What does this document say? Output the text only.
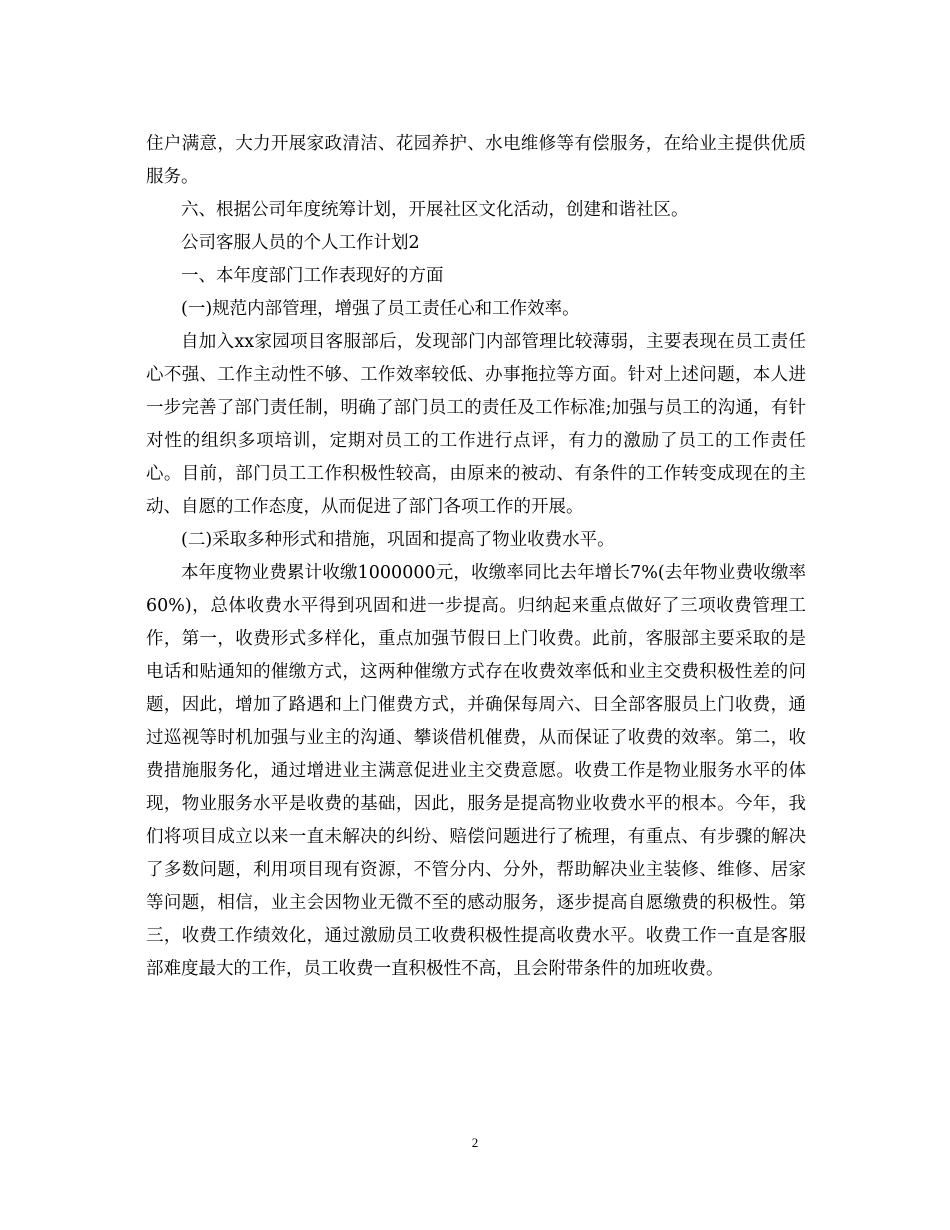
住户满意，大力开展家政清洁、花园养护、水电维修等有偿服务，在给业主提供优质服务。

六、根据公司年度统筹计划，开展社区文化活动，创建和谐社区。

公司客服人员的个人工作计划2

一、本年度部门工作表现好的方面

(一)规范内部管理，增强了员工责任心和工作效率。

自加入xx家园项目客服部后，发现部门内部管理比较薄弱，主要表现在员工责任心不强、工作主动性不够、工作效率较低、办事拖拉等方面。针对上述问题，本人进一步完善了部门责任制，明确了部门员工的责任及工作标准;加强与员工的沟通，有针对性的组织多项培训，定期对员工的工作进行点评，有力的激励了员工的工作责任心。目前，部门员工工作积极性较高，由原来的被动、有条件的工作转变成现在的主动、自愿的工作态度，从而促进了部门各项工作的开展。

(二)采取多种形式和措施，巩固和提高了物业收费水平。

本年度物业费累计收缴1000000元，收缴率同比去年增长7%(去年物业费收缴率60%)，总体收费水平得到巩固和进一步提高。归纳起来重点做好了三项收费管理工作，第一，收费形式多样化，重点加强节假日上门收费。此前，客服部主要采取的是电话和贴通知的催缴方式，这两种催缴方式存在收费效率低和业主交费积极性差的问题，因此，增加了路遇和上门催费方式，并确保每周六、日全部客服员上门收费，通过巡视等时机加强与业主的沟通、攀谈借机催费，从而保证了收费的效率。第二，收费措施服务化，通过增进业主满意促进业主交费意愿。收费工作是物业服务水平的体现，物业服务水平是收费的基础，因此，服务是提高物业收费水平的根本。今年，我们将项目成立以来一直未解决的纠纷、赔偿问题进行了梳理，有重点、有步骤的解决了多数问题，利用项目现有资源，不管分内、分外，帮助解决业主装修、维修、居家等问题，相信，业主会因物业无微不至的感动服务，逐步提高自愿缴费的积极性。第三，收费工作绩效化，通过激励员工收费积极性提高收费水平。收费工作一直是客服部难度最大的工作，员工收费一直积极性不高，且会附带条件的加班收费。

2
